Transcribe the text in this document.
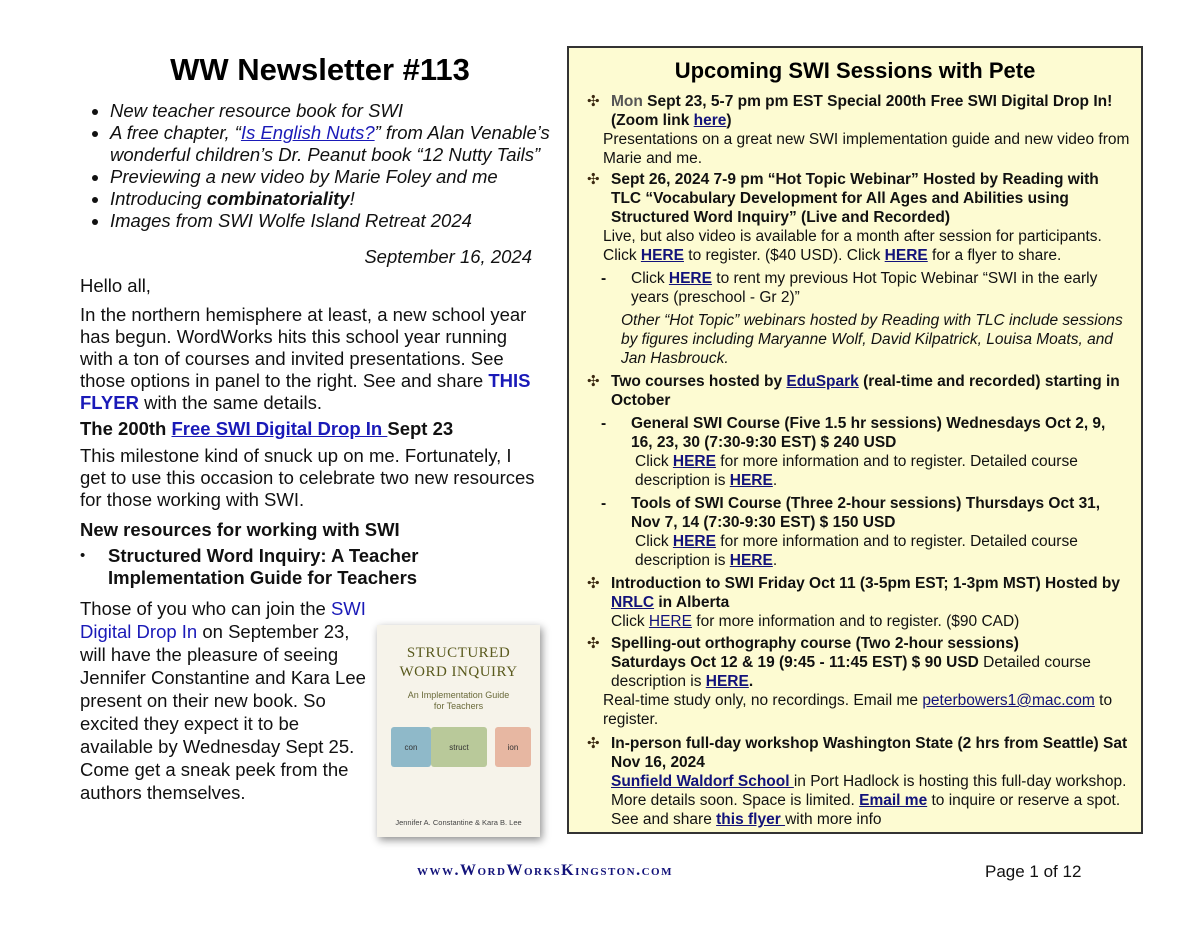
WW Newsletter #113
• New teacher resource book for SWI
• A free chapter, “Is English Nuts?” from Alan Venable’s wonderful children’s Dr. Peanut book “12 Nutty Tails”
• Previewing a new video by Marie Foley and me
• Introducing combinatoriality!
• Images from SWI Wolfe Island Retreat 2024
September 16, 2024

Hello all,

In the northern hemisphere at least, a new school year has begun. WordWorks hits this school year running with a ton of courses and invited presentations. See those options in panel to the right. See and share THIS FLYER with the same details.

The 200th Free SWI Digital Drop In Sept 23

This milestone kind of snuck up on me. Fortunately, I get to use this occasion to celebrate two new resources for those working with SWI.

New resources for working with SWI

• Structured Word Inquiry: A Teacher Implementation Guide for Teachers

Those of you who can join the SWI Digital Drop In on September 23, will have the pleasure of seeing Jennifer Constantine and Kara Lee present on their new book. So excited they expect it to be available by Wednesday Sept 25. Come get a sneak peek from the authors themselves.

STRUCTURED
WORD INQUIRY
An Implementation Guide
for Teachers
con	struct	ion
Jennifer A. Constantine & Kara B. Lee
www.WordWorksKingston.com	Page 1 of 12
Upcoming SWI Sessions with Pete
✣ Mon Sept 23, 5-7 pm pm EST Special 200th Free SWI Digital Drop In! (Zoom link here)
Presentations on a great new SWI implementation guide and new video from Marie and me.
✣ Sept 26, 2024 7-9 pm “Hot Topic Webinar” Hosted by Reading with TLC “Vocabulary Development for All Ages and Abilities using Structured Word Inquiry” (Live and Recorded)
Live, but also video is available for a month after session for participants.
Click HERE to register. ($40 USD). Click HERE for a flyer to share.
- Click HERE to rent my previous Hot Topic Webinar “SWI in the early years (preschool - Gr 2)”
Other “Hot Topic” webinars hosted by Reading with TLC include sessions by figures including Maryanne Wolf, David Kilpatrick, Louisa Moats, and Jan Hasbrouck.
✣ Two courses hosted by EduSpark (real-time and recorded) starting in October
- General SWI Course (Five 1.5 hr sessions) Wednesdays Oct 2, 9, 16, 23, 30 (7:30-9:30 EST) $ 240 USD
Click HERE for more information and to register. Detailed course description is HERE.
- Tools of SWI Course (Three 2-hour sessions) Thursdays Oct 31, Nov 7, 14 (7:30-9:30 EST) $ 150 USD
Click HERE for more information and to register. Detailed course description is HERE.
✣ Introduction to SWI Friday Oct 11 (3-5pm EST; 1-3pm MST) Hosted by NRLC in Alberta
Click HERE for more information and to register. ($90 CAD)
✣ Spelling-out orthography course (Two 2-hour sessions)
Saturdays Oct 12 & 19 (9:45 - 11:45 EST) $ 90 USD Detailed course description is HERE.
Real-time study only, no recordings. Email me peterbowers1@mac.com to register.
✣ In-person full-day workshop Washington State (2 hrs from Seattle) Sat Nov 16, 2024
Sunfield Waldorf School in Port Hadlock is hosting this full-day workshop. More details soon. Space is limited. Email me to inquire or reserve a spot. See and share this flyer with more info
